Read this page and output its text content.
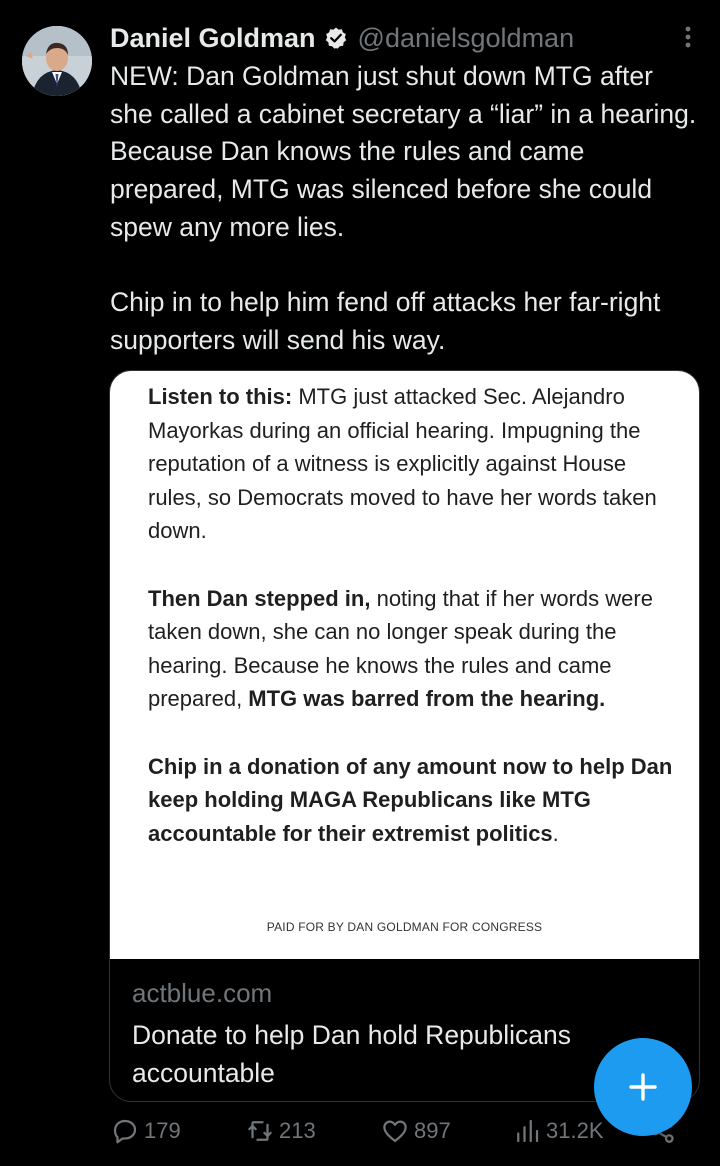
Daniel Goldman @danielsgoldman
NEW: Dan Goldman just shut down MTG after she called a cabinet secretary a “liar” in a hearing.  Because Dan knows the rules and came prepared, MTG was silenced before she could spew any more lies.

Chip in to help him fend off attacks her far-right supporters will send his way.

Listen to this: MTG just attacked Sec. Alejandro Mayorkas during an official hearing. Impugning the reputation of a witness is explicitly against House rules, so Democrats moved to have her words taken down.

Then Dan stepped in, noting that if her words were taken down, she can no longer speak during the hearing. Because he knows the rules and came prepared, MTG was barred from the hearing.

Chip in a donation of any amount now to help Dan keep holding MAGA Republicans like MTG accountable for their extremist politics.

PAID FOR BY DAN GOLDMAN FOR CONGRESS
actblue.com
Donate to help Dan hold Republicans accountable
179	213	897	31.2K
